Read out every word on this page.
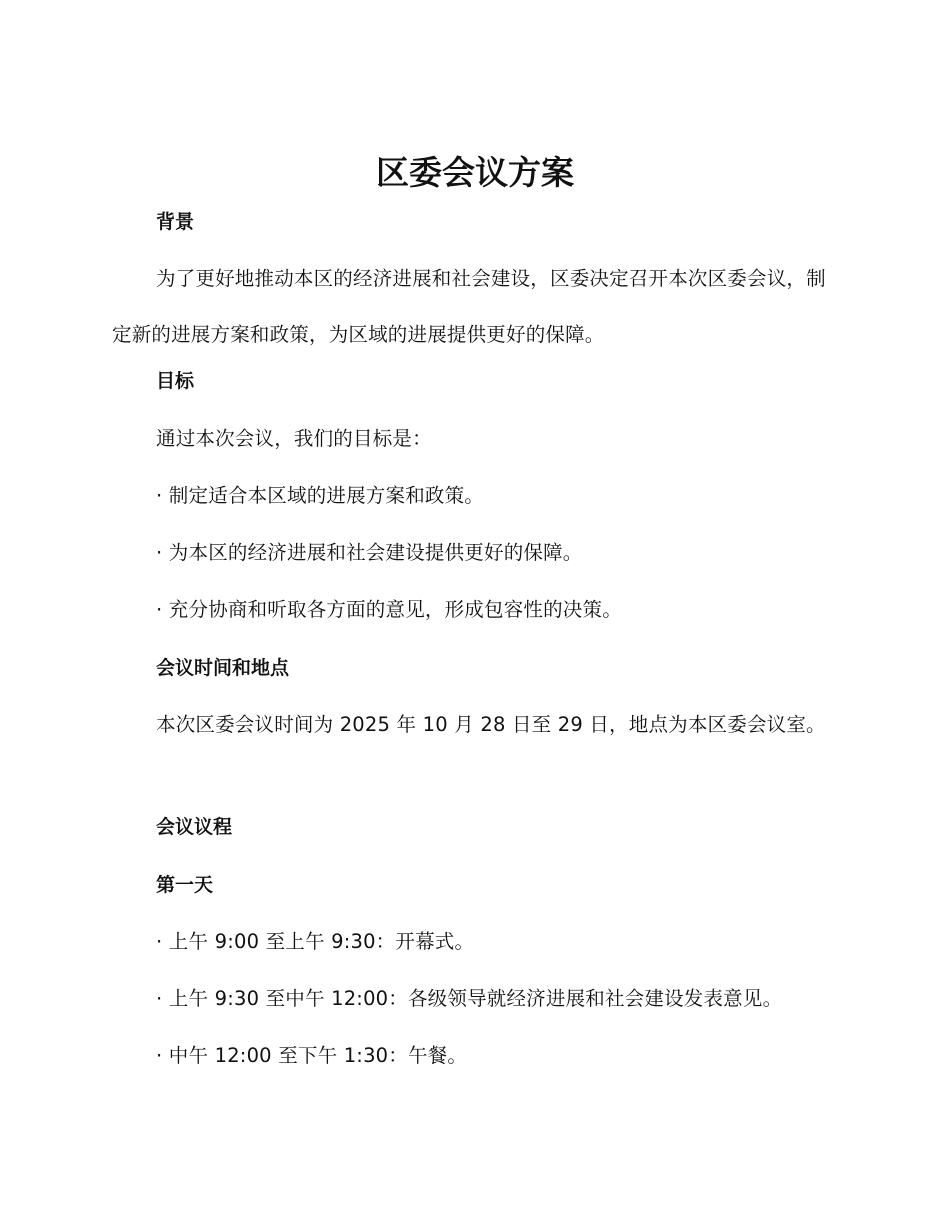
区委会议方案
背景

为了更好地推动本区的经济进展和社会建设，区委决定召开本次区委会议，制定新的进展方案和政策，为区域的进展提供更好的保障。

目标
通过本次会议，我们的目标是：
· 制定适合本区域的进展方案和政策。
· 为本区的经济进展和社会建设提供更好的保障。
· 充分协商和听取各方面的意见，形成包容性的决策。
会议时间和地点

本次区委会议时间为 2025 年 10 月 28 日至 29 日，地点为本区委会议室。

会议议程
第一天
· 上午 9:00 至上午 9:30：开幕式。
· 上午 9:30 至中午 12:00：各级领导就经济进展和社会建设发表意见。
· 中午 12:00 至下午 1:30：午餐。
